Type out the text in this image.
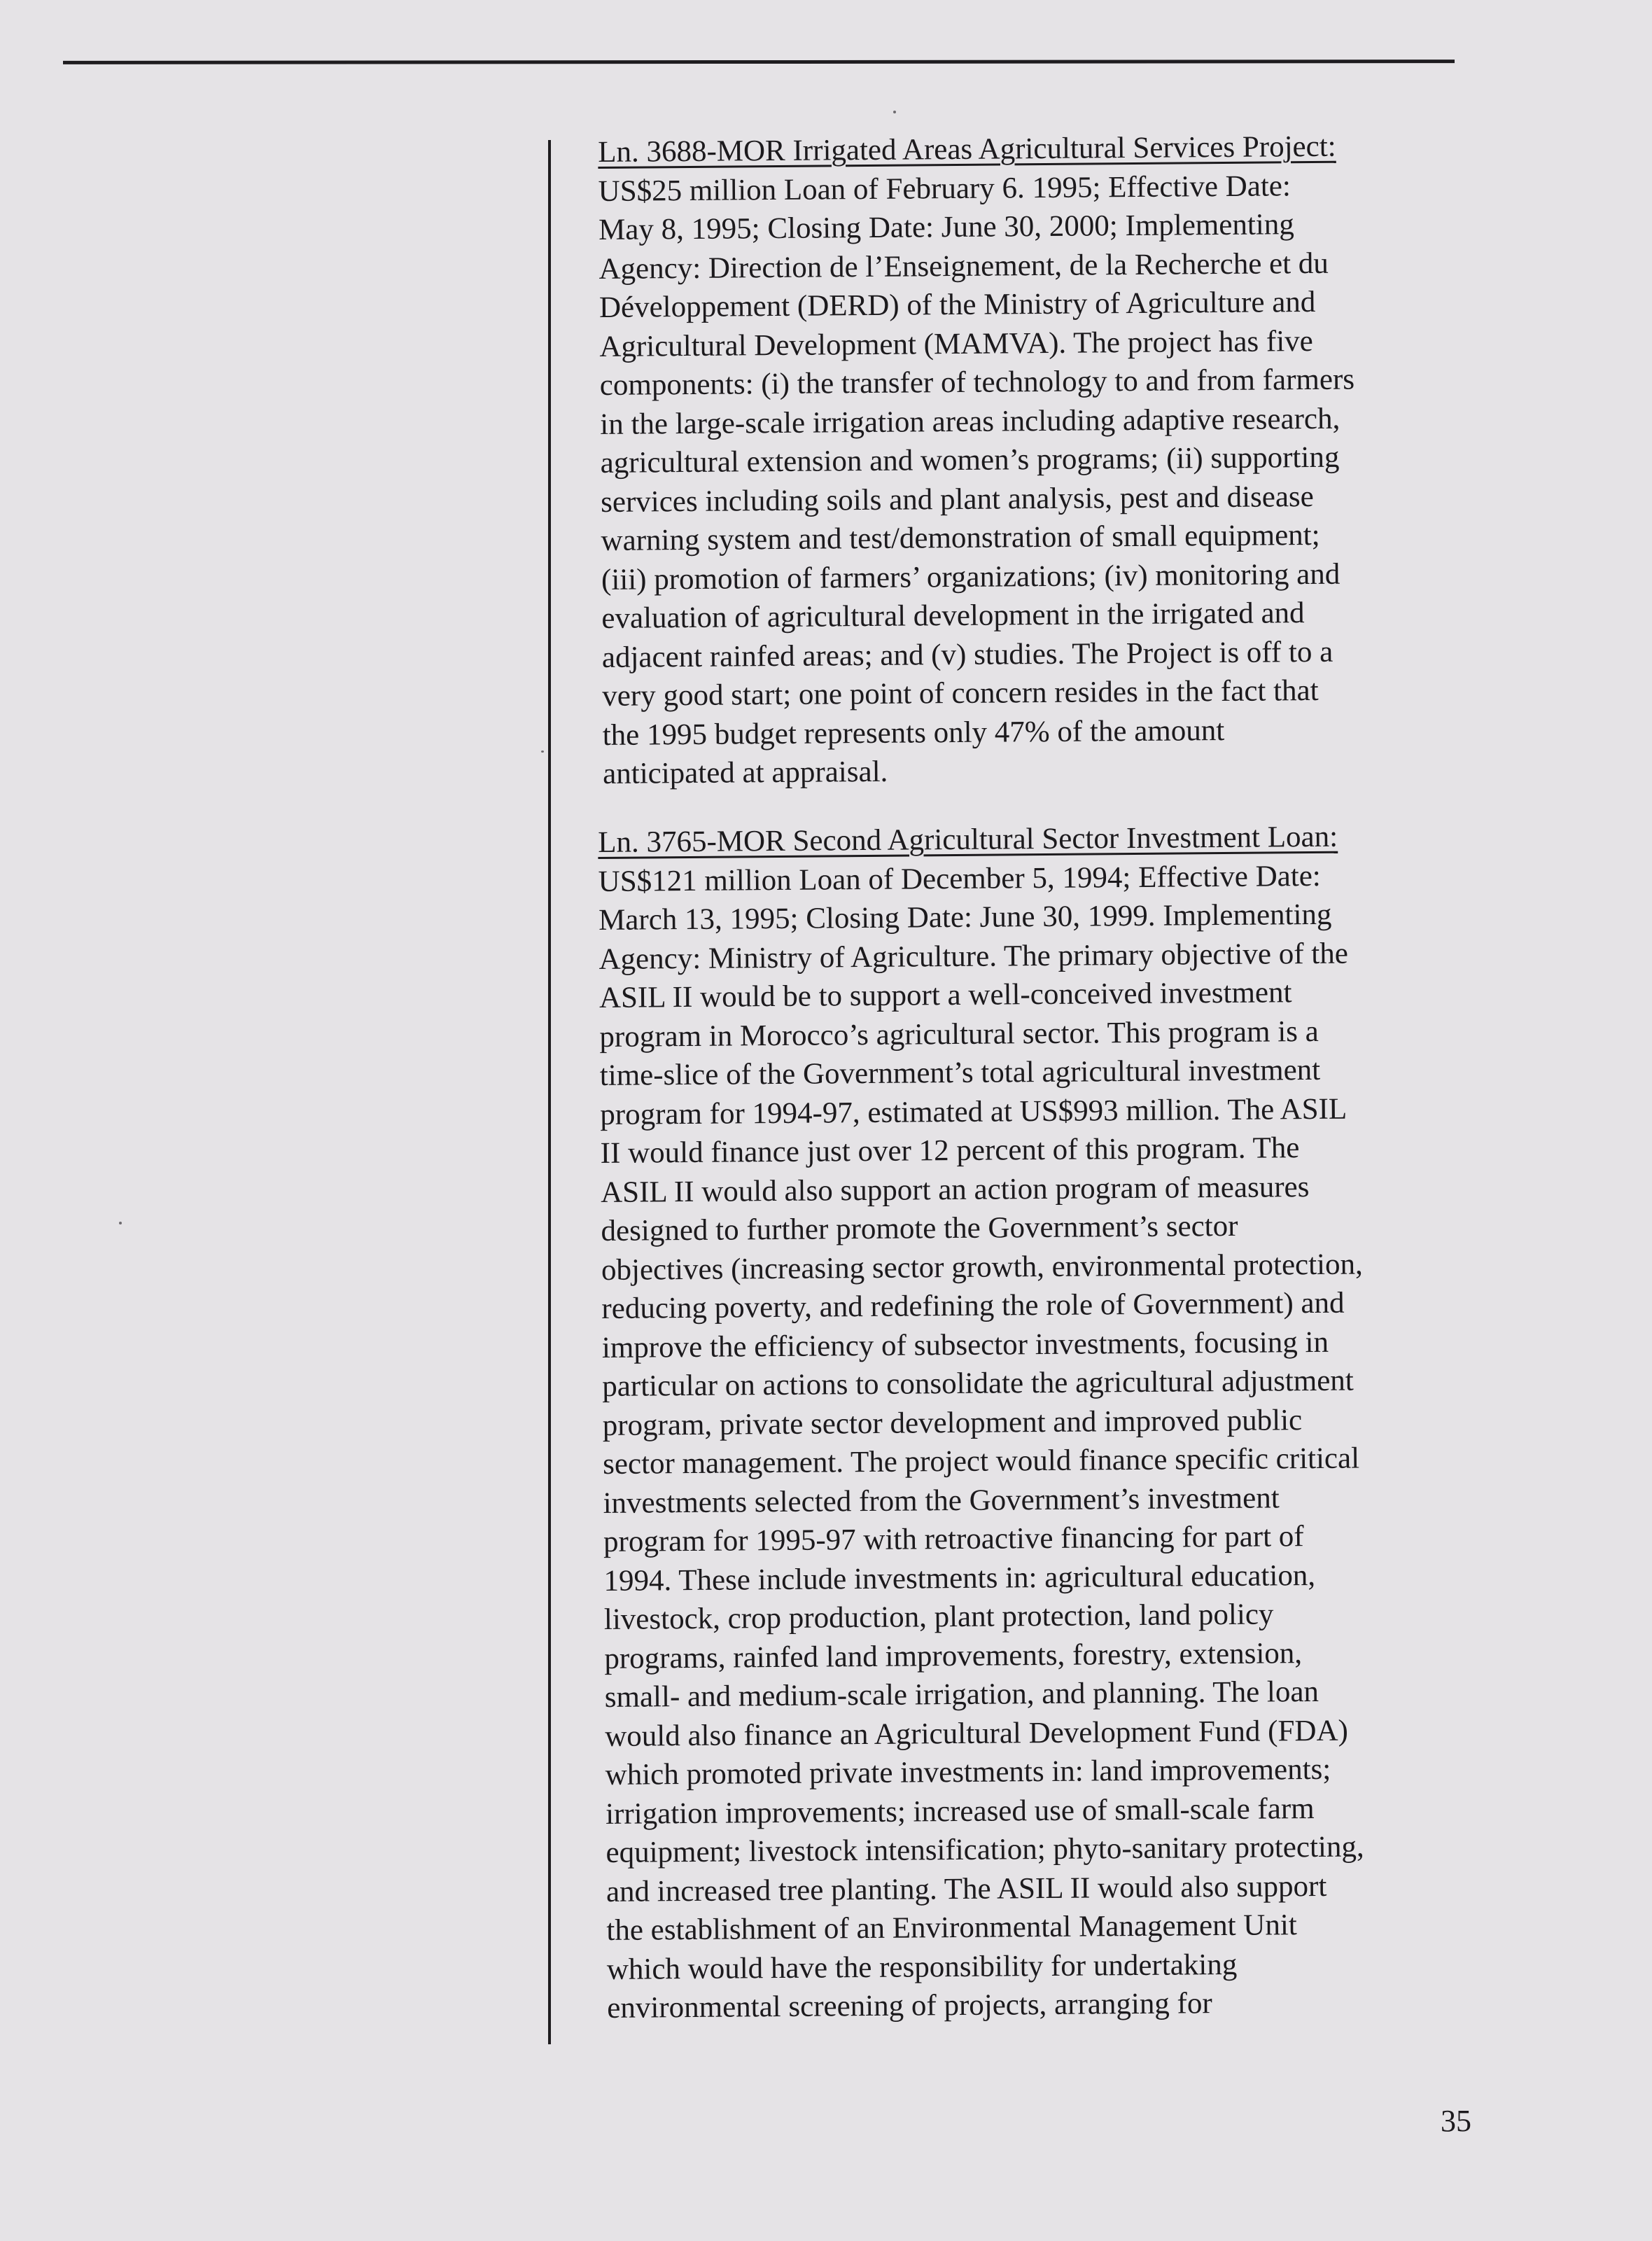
Ln. 3688-MOR Irrigated Areas Agricultural Services Project:
US$25 million Loan of February 6. 1995; Effective Date:
May 8, 1995; Closing Date: June 30, 2000; Implementing
Agency: Direction de l’Enseignement, de la Recherche et du
Développement (DERD) of the Ministry of Agriculture and
Agricultural Development (MAMVA). The project has five
components: (i) the transfer of technology to and from farmers
in the large-scale irrigation areas including adaptive research,
agricultural extension and women’s programs; (ii) supporting
services including soils and plant analysis, pest and disease
warning system and test/demonstration of small equipment;
(iii) promotion of farmers’ organizations; (iv) monitoring and
evaluation of agricultural development in the irrigated and
adjacent rainfed areas; and (v) studies. The Project is off to a
very good start; one point of concern resides in the fact that
the 1995 budget represents only 47% of the amount
anticipated at appraisal.
Ln. 3765-MOR Second Agricultural Sector Investment Loan:
US$121 million Loan of December 5, 1994; Effective Date:
March 13, 1995; Closing Date: June 30, 1999. Implementing
Agency: Ministry of Agriculture. The primary objective of the
ASIL II would be to support a well-conceived investment
program in Morocco’s agricultural sector. This program is a
time-slice of the Government’s total agricultural investment
program for 1994-97, estimated at US$993 million. The ASIL
II would finance just over 12 percent of this program. The
ASIL II would also support an action program of measures
designed to further promote the Government’s sector
objectives (increasing sector growth, environmental protection,
reducing poverty, and redefining the role of Government) and
improve the efficiency of subsector investments, focusing in
particular on actions to consolidate the agricultural adjustment
program, private sector development and improved public
sector management. The project would finance specific critical
investments selected from the Government’s investment
program for 1995-97 with retroactive financing for part of
1994. These include investments in: agricultural education,
livestock, crop production, plant protection, land policy
programs, rainfed land improvements, forestry, extension,
small- and medium-scale irrigation, and planning. The loan
would also finance an Agricultural Development Fund (FDA)
which promoted private investments in: land improvements;
irrigation improvements; increased use of small-scale farm
equipment; livestock intensification; phyto-sanitary protecting,
and increased tree planting. The ASIL II would also support
the establishment of an Environmental Management Unit
which would have the responsibility for undertaking
environmental screening of projects, arranging for
35
